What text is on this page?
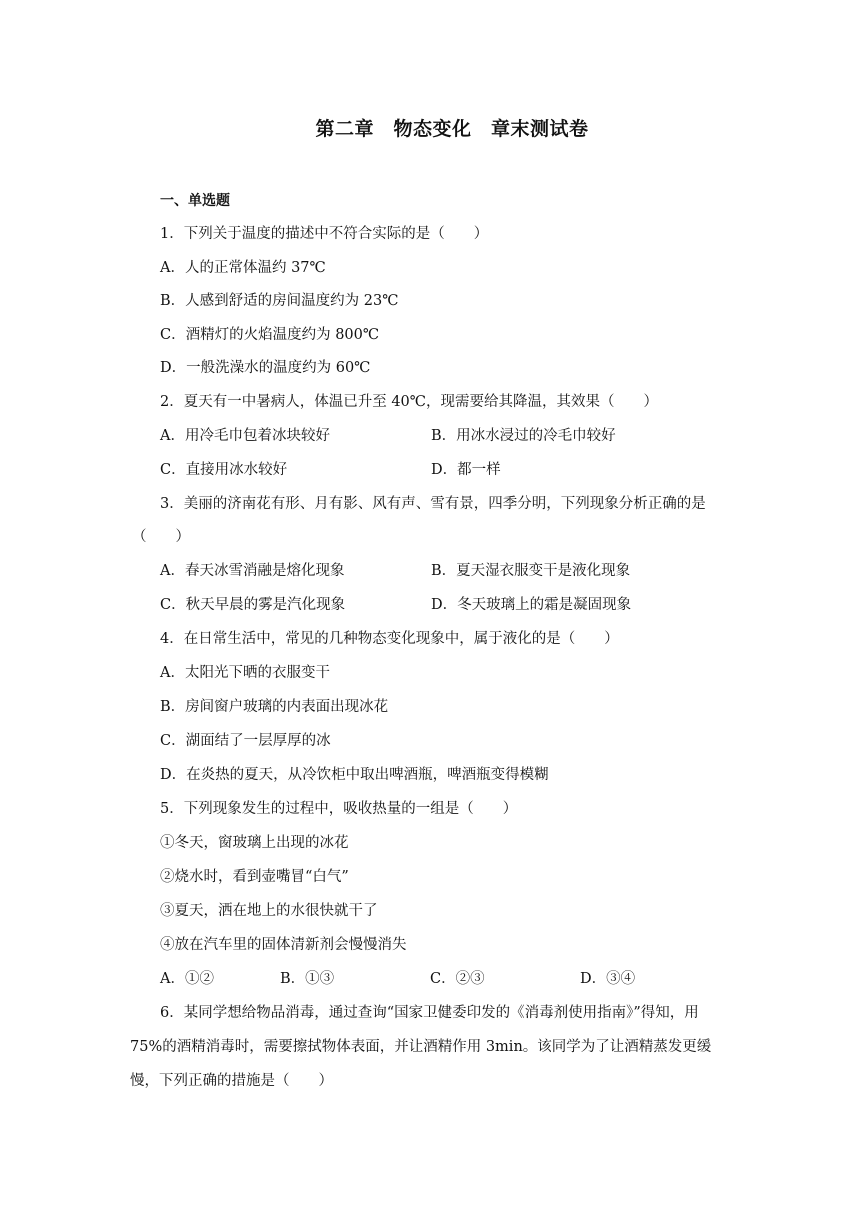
第二章　物态变化　章末测试卷
一、单选题
1．下列关于温度的描述中不符合实际的是（　　）
A．人的正常体温约 37℃
B．人感到舒适的房间温度约为 23℃
C．酒精灯的火焰温度约为 800℃
D．一般洗澡水的温度约为 60℃
2．夏天有一中暑病人，体温已升至 40℃，现需要给其降温，其效果（　　）
A．用冷毛巾包着冰块较好	B．用冰水浸过的冷毛巾较好
C．直接用冰水较好	D．都一样
3．美丽的济南花有形、月有影、风有声、雪有景，四季分明，下列现象分析正确的是
（　　）
A．春天冰雪消融是熔化现象	B．夏天湿衣服变干是液化现象
C．秋天早晨的雾是汽化现象	D．冬天玻璃上的霜是凝固现象
4．在日常生活中，常见的几种物态变化现象中，属于液化的是（　　）
A．太阳光下晒的衣服变干
B．房间窗户玻璃的内表面出现冰花
C．湖面结了一层厚厚的冰
D．在炎热的夏天，从冷饮柜中取出啤酒瓶，啤酒瓶变得模糊
5．下列现象发生的过程中，吸收热量的一组是（　　）
①冬天，窗玻璃上出现的冰花
②烧水时，看到壶嘴冒“白气”
③夏天，洒在地上的水很快就干了
④放在汽车里的固体清新剂会慢慢消失
A．①②	B．①③	C．②③	D．③④
6．某同学想给物品消毒，通过查询“国家卫健委印发的《消毒剂使用指南》”得知，用
75%的酒精消毒时，需要擦拭物体表面，并让酒精作用 3min。该同学为了让酒精蒸发更缓
慢，下列正确的措施是（　　）
